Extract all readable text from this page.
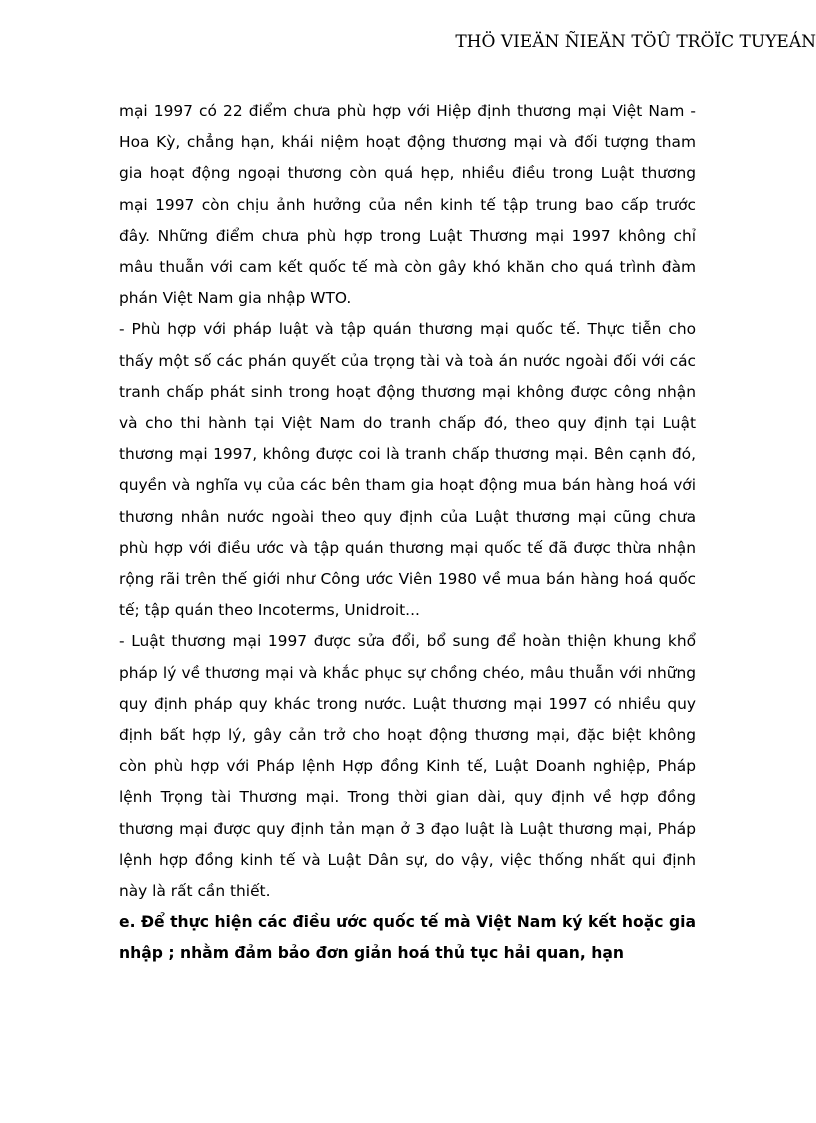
THÖ VIEÄN ÑIEÄN TÖÛ TRÖÏC TUYEÁN

mại 1997 có 22 điểm chưa phù hợp với Hiệp định thương mại Việt Nam - Hoa Kỳ, chẳng hạn, khái niệm hoạt động thương mại và đối tượng tham gia hoạt động ngoại thương còn quá hẹp, nhiều điều trong Luật thương mại 1997 còn chịu ảnh hưởng của nền kinh tế tập trung bao cấp trước đây. Những điểm chưa phù hợp trong Luật Thương mại 1997 không chỉ mâu thuẫn với cam kết quốc tế mà còn gây khó khăn cho quá trình đàm phán Việt Nam gia nhập WTO.

- Phù hợp với pháp luật và tập quán thương mại quốc tế. Thực tiễn cho thấy một số các phán quyết của trọng tài và toà án nước ngoài đối với các tranh chấp phát sinh trong hoạt động thương mại không được công nhận và cho thi hành tại Việt Nam do tranh chấp đó, theo quy định tại Luật thương mại 1997, không được coi là tranh chấp thương mại. Bên cạnh đó, quyền và nghĩa vụ của các bên tham gia hoạt động mua bán hàng hoá với thương nhân nước ngoài theo quy định của Luật thương mại cũng chưa phù hợp với điều ước và tập quán thương mại quốc tế đã được thừa nhận rộng rãi trên thế giới như Công ước Viên 1980 về mua bán hàng hoá quốc tế; tập quán theo Incoterms, Unidroit...

- Luật thương mại 1997 được sửa đổi, bổ sung để hoàn thiện khung khổ pháp lý về thương mại và khắc phục sự chồng chéo, mâu thuẫn với những quy định pháp quy khác trong nước. Luật thương mại 1997 có nhiều quy định bất hợp lý, gây cản trở cho hoạt động thương mại, đặc biệt không còn phù hợp với Pháp lệnh Hợp đồng Kinh tế, Luật Doanh nghiệp, Pháp lệnh Trọng tài Thương mại. Trong thời gian dài, quy định về hợp đồng thương mại được quy định tản mạn ở 3 đạo luật là Luật thương mại, Pháp lệnh hợp đồng kinh tế và Luật Dân sự, do vậy, việc thống nhất qui định này là rất cần thiết.

e. Để thực hiện các điều ước quốc tế mà Việt Nam ký kết hoặc gia nhập ; nhằm đảm bảo đơn giản hoá thủ tục hải quan, hạn
